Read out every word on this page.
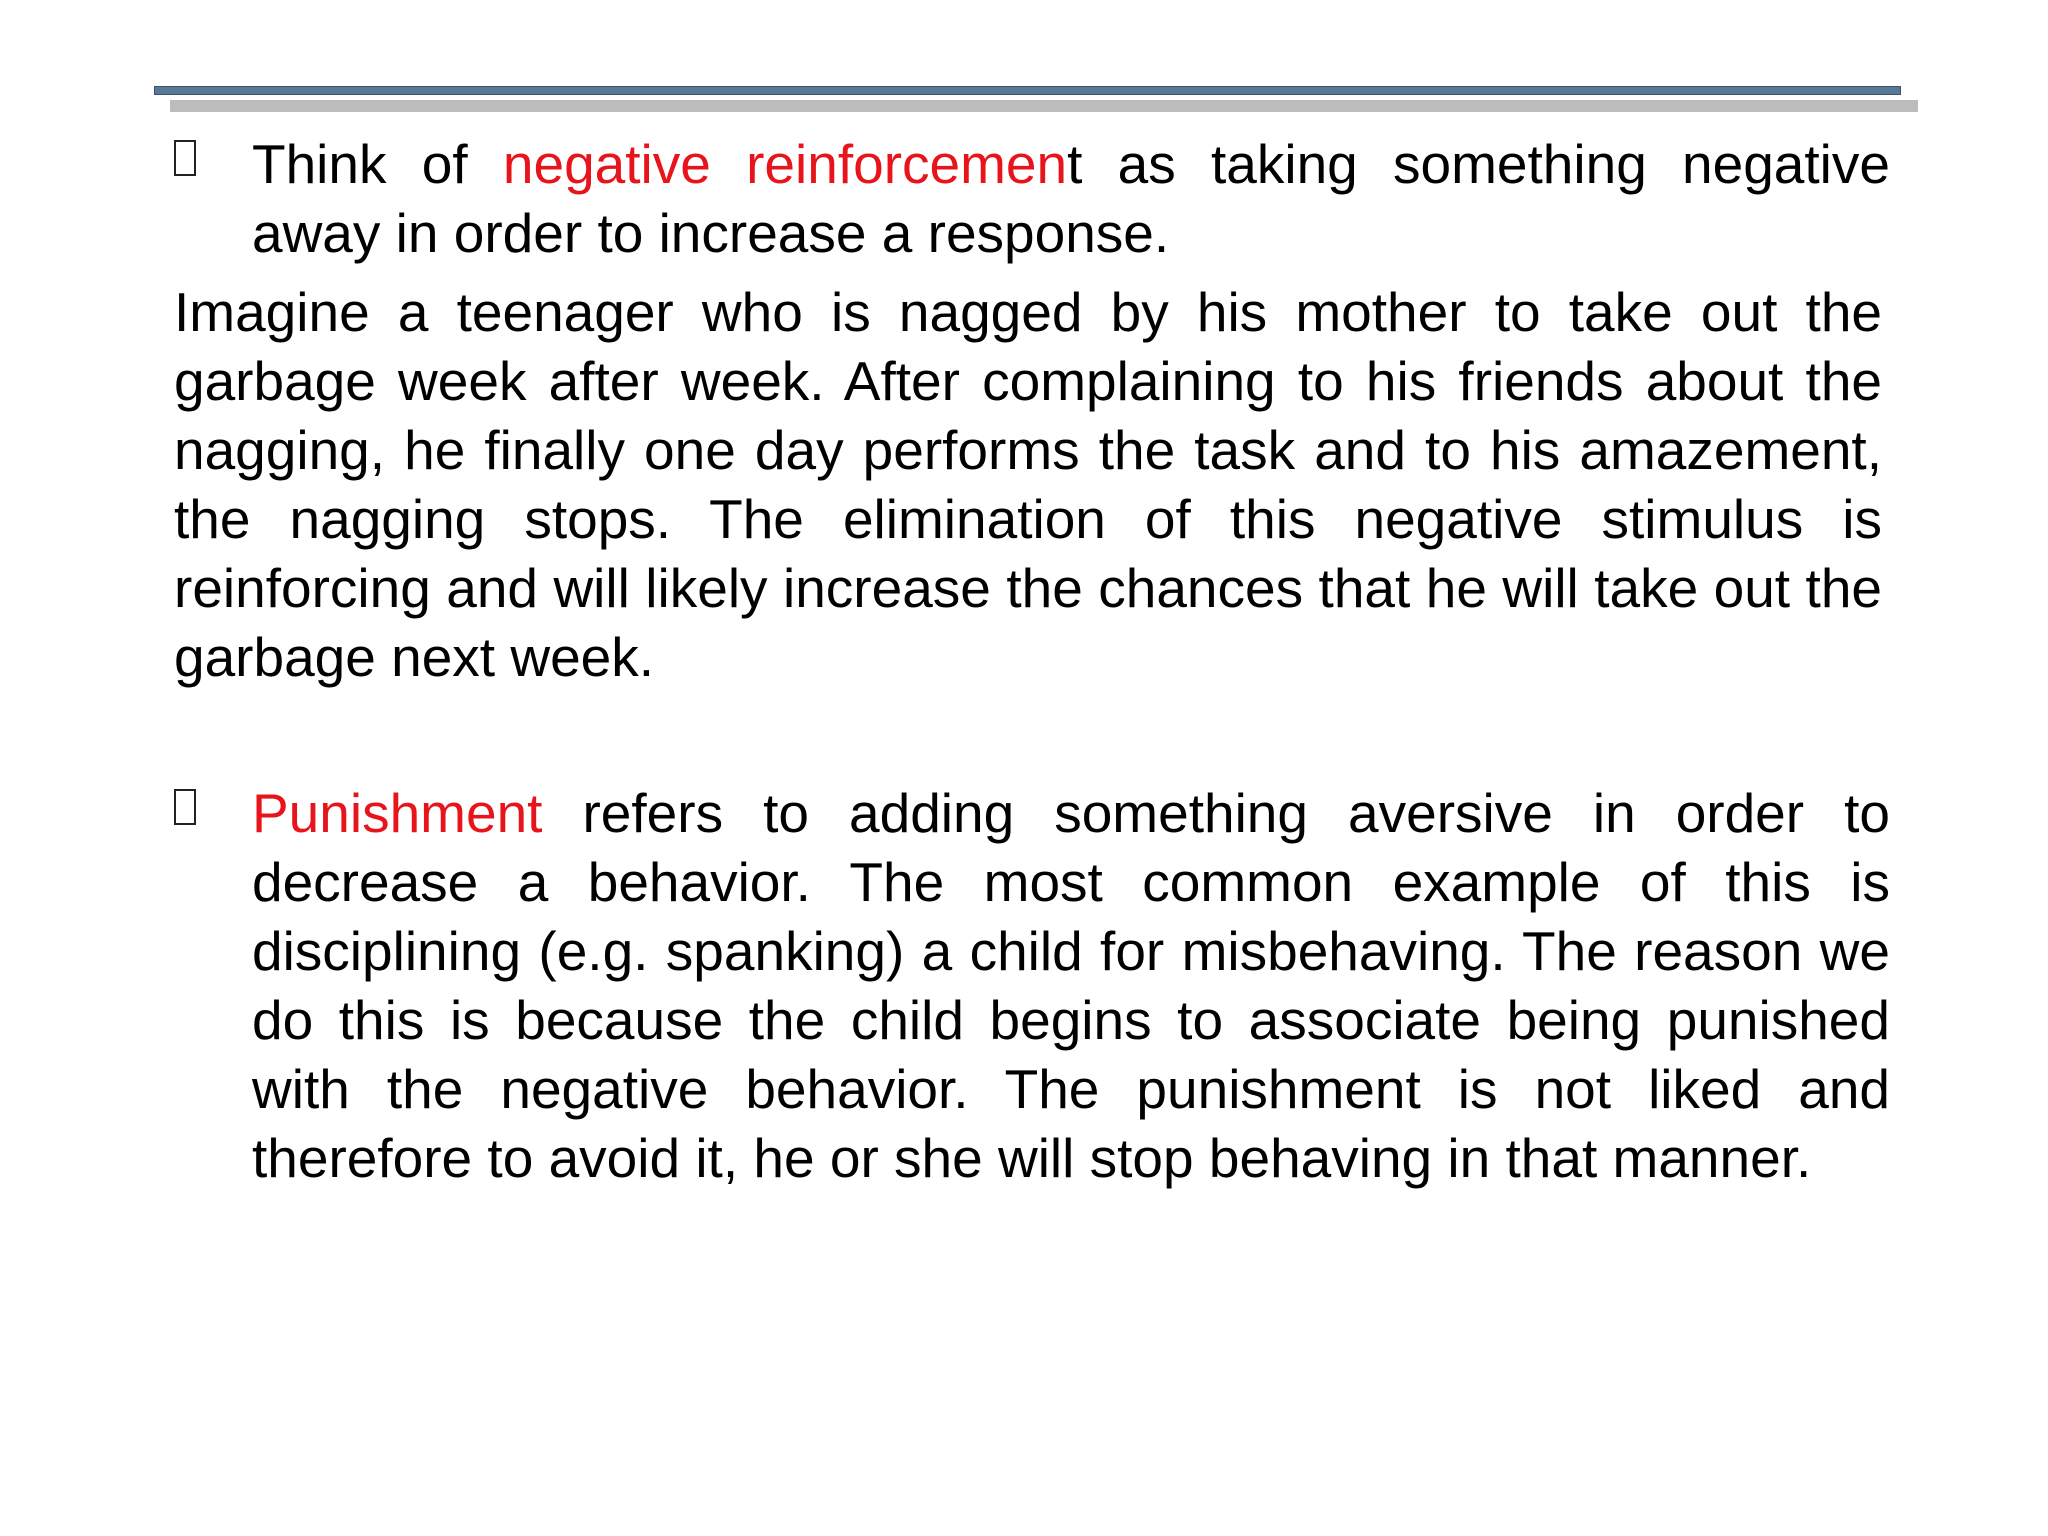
Think of negative reinforcement as taking something negative away in order to increase a response.
Imagine a teenager who is nagged by his mother to take out the garbage week after week. After complaining to his friends about the nagging, he finally one day performs the task and to his amazement, the nagging stops. The elimination of this negative stimulus is reinforcing and will likely increase the chances that he will take out the garbage next week.
Punishment refers to adding something aversive in order to decrease a behavior. The most common example of this is disciplining (e.g. spanking) a child for misbehaving. The reason we do this is because the child begins to associate being punished with the negative behavior. The punishment is not liked and therefore to avoid it, he or she will stop behaving in that manner.
